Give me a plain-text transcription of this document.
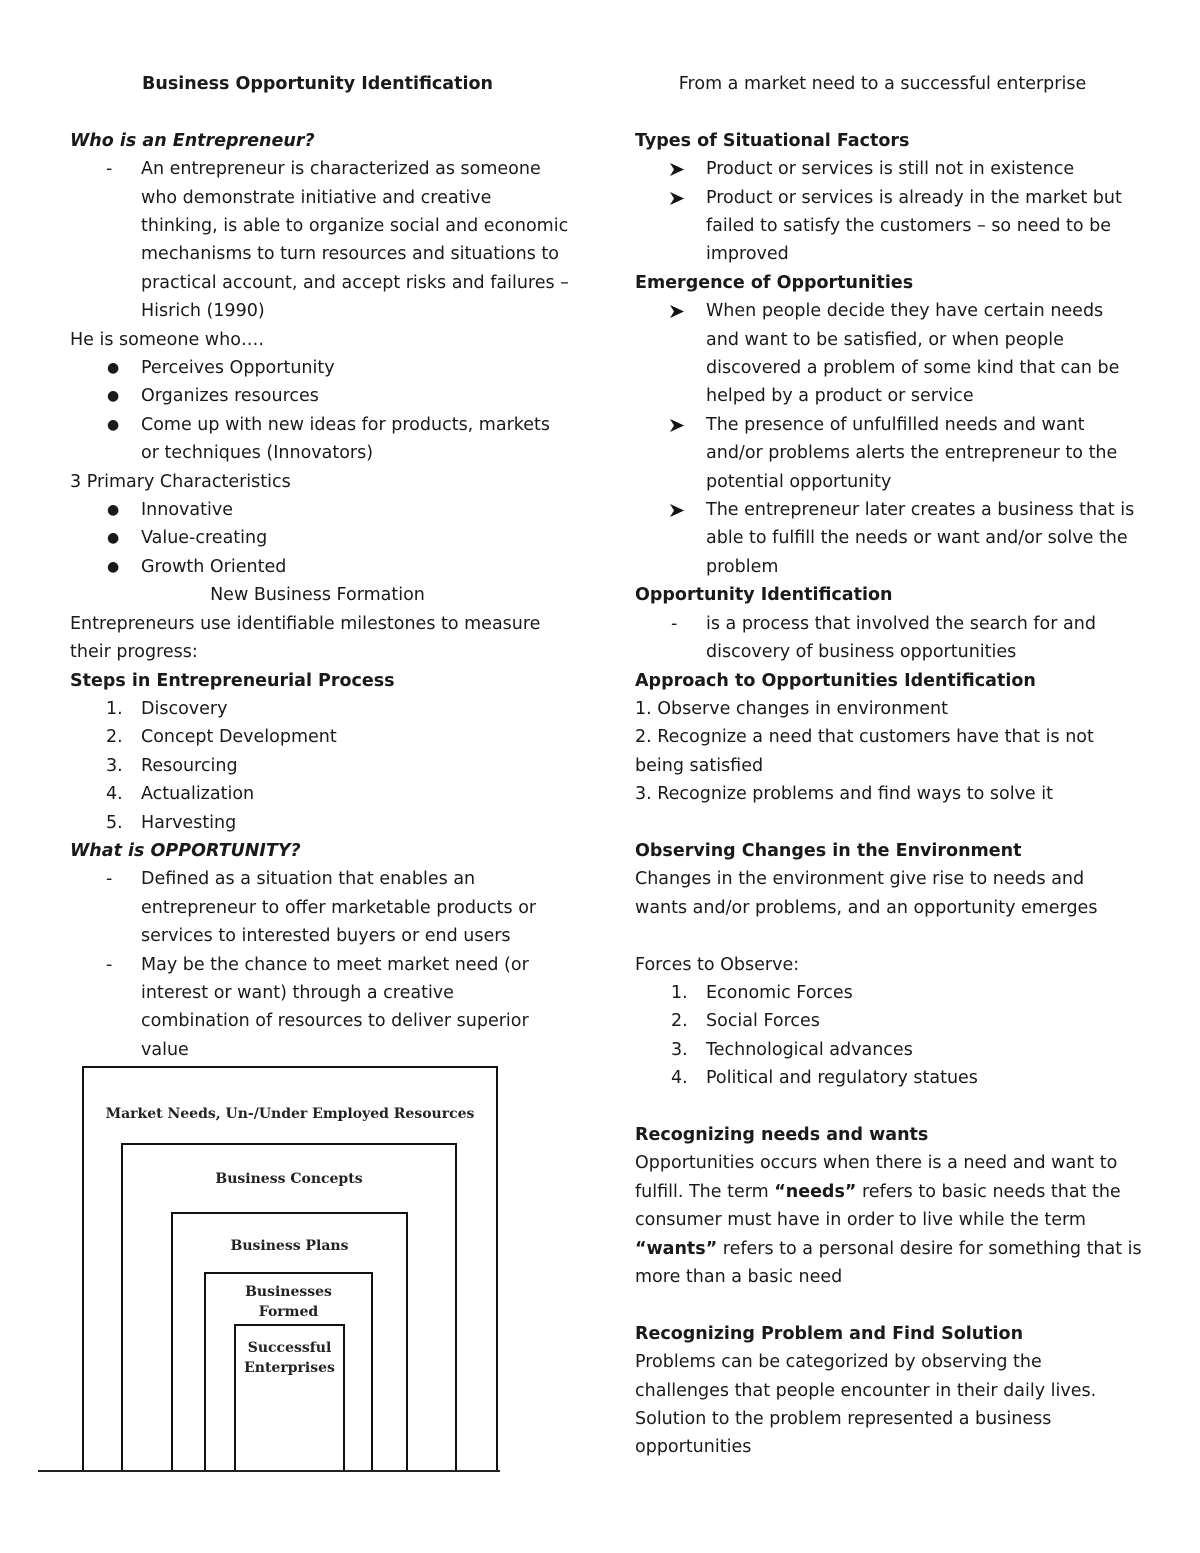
Business Opportunity Identification

Who is an Entrepreneur?

-	An entrepreneur is characterized as someone
who demonstrate initiative and creative
thinking, is able to organize social and economic
mechanisms to turn resources and situations to
practical account, and accept risks and failures –
Hisrich (1990)

He is someone who….

●	Perceives Opportunity
●	Organizes resources
●	Come up with new ideas for products, markets
or techniques (Innovators)

3 Primary Characteristics

●	Innovative
●	Value-creating
●	Growth Oriented

New Business Formation

Entrepreneurs use identifiable milestones to measure

their progress:

Steps in Entrepreneurial Process

1.	Discovery
2.	Concept Development
3.	Resourcing
4.	Actualization
5.	Harvesting

What is OPPORTUNITY?

-	Defined as a situation that enables an
entrepreneur to offer marketable products or
services to interested buyers or end users
-	May be the chance to meet market need (or
interest or want) through a creative
combination of resources to deliver superior
value
Market Needs, Un-/Under Employed Resources
Business Concepts
Business Plans
Businesses
Formed
Successful
Enterprises

From a market need to a successful enterprise

Types of Situational Factors

Product or services is still not in existence
Product or services is already in the market but
failed to satisfy the customers – so need to be
improved

Emergence of Opportunities

When people decide they have certain needs
and want to be satisfied, or when people
discovered a problem of some kind that can be
helped by a product or service
The presence of unfulfilled needs and want
and/or problems alerts the entrepreneur to the
potential opportunity
The entrepreneur later creates a business that is
able to fulfill the needs or want and/or solve the
problem

Opportunity Identification

-	is a process that involved the search for and
discovery of business opportunities

Approach to Opportunities Identification

1. Observe changes in environment

2. Recognize a need that customers have that is not

being satisfied

3. Recognize problems and find ways to solve it

Observing Changes in the Environment

Changes in the environment give rise to needs and

wants and/or problems, and an opportunity emerges

Forces to Observe:

1.	Economic Forces
2.	Social Forces
3.	Technological advances
4.	Political and regulatory statues

Recognizing needs and wants

Opportunities occurs when there is a need and want to

fulfill. The term “needs” refers to basic needs that the

consumer must have in order to live while the term

“wants” refers to a personal desire for something that is

more than a basic need

Recognizing Problem and Find Solution

Problems can be categorized by observing the

challenges that people encounter in their daily lives.

Solution to the problem represented a business

opportunities
